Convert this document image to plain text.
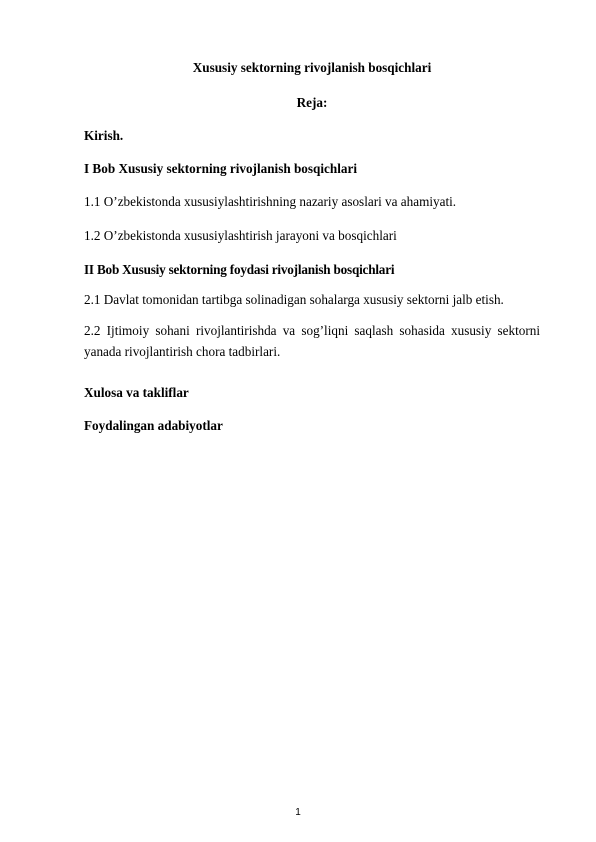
Xususiy sektorning rivojlanish bosqichlari
Reja:
Kirish.
I Bob Xususiy sektorning rivojlanish bosqichlari
1.1 O’zbekistonda xususiylashtirishning nazariy asoslari va ahamiyati.
1.2 O’zbekistonda xususiylashtirish jarayoni va bosqichlari
II Bob Xususiy sektorning foydasi rivojlanish bosqichlari
2.1 Davlat tomonidan tartibga solinadigan sohalarga xususiy sektorni jalb etish.
2.2 Ijtimoiy sohani rivojlantirishda va sog’liqni saqlash sohasida xususiy sektorni yanada rivojlantirish chora tadbirlari.
Xulosa va takliflar
Foydalingan adabiyotlar
1
